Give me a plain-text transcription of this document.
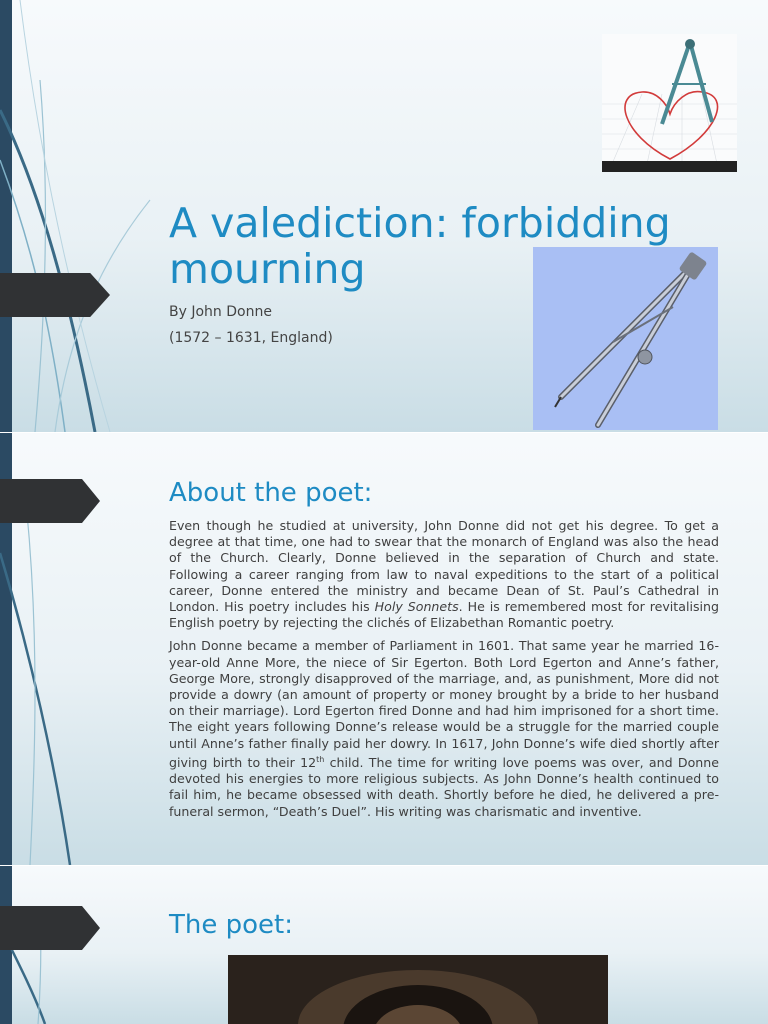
A valediction: forbidding mourning
By John Donne
(1572 – 1631, England)
About the poet:

Even though he studied at university, John Donne did not get his degree. To get a degree at that time, one had to swear that the monarch of England was also the head of the Church. Clearly, Donne believed in the separation of Church and state. Following a career ranging from law to naval expeditions to the start of a political career, Donne entered the ministry and became Dean of St. Paul’s Cathedral in London. His poetry includes his Holy Sonnets. He is remembered most for revitalising English poetry by rejecting the clichés of Elizabethan Romantic poetry.

John Donne became a member of Parliament in 1601. That same year he married 16-year-old Anne More, the niece of Sir Egerton. Both Lord Egerton and Anne’s father, George More, strongly disapproved of the marriage, and, as punishment, More did not provide a dowry (an amount of property or money brought by a bride to her husband on their marriage). Lord Egerton fired Donne and had him imprisoned for a short time. The eight years following Donne’s release would be a struggle for the married couple until Anne’s father finally paid her dowry. In 1617, John Donne’s wife died shortly after giving birth to their 12th child. The time for writing love poems was over, and Donne devoted his energies to more religious subjects. As John Donne’s health continued to fail him, he became obsessed with death. Shortly before he died, he delivered a pre-funeral sermon, “Death’s Duel”. His writing was charismatic and inventive.

The poet:
